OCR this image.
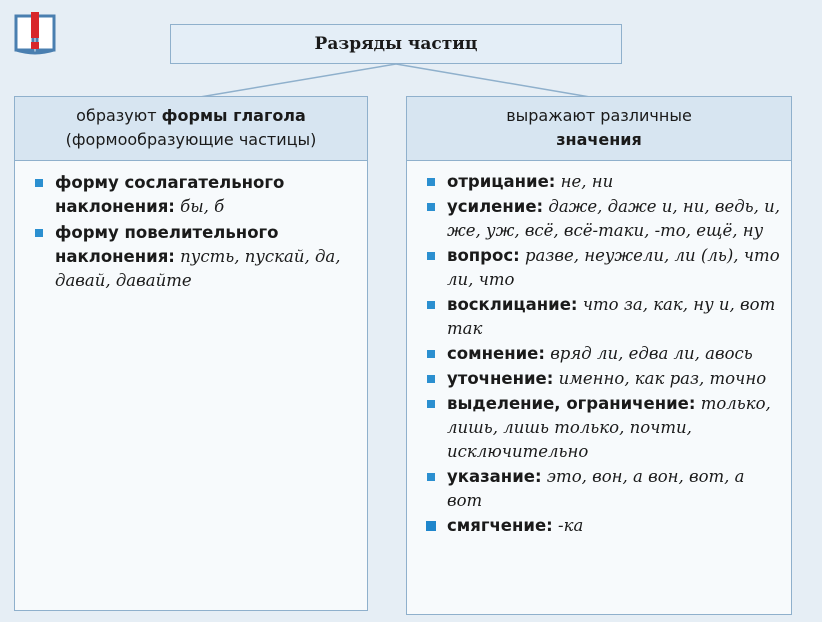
Разряды частиц
образуют формы глагола
(формообразующие частицы)
форму сослагательного наклонения: бы, б
форму повелительного наклонения: пусть, пускай, да, давай, давайте
выражают различные
значения
отрицание: не, ни
усиление: даже, даже и, ни, ведь, и, же, уж, всё, всё-таки, -то, ещё, ну
вопрос: разве, неужели, ли (ль), что ли, что
восклицание: что за, как, ну и, вот так
сомнение: вряд ли, едва ли, авось
уточнение: именно, как раз, точно
выделение, ограничение: только, лишь, лишь только, почти, исключительно
указание: это, вон, а вон, вот, а вот
смягчение: -ка
